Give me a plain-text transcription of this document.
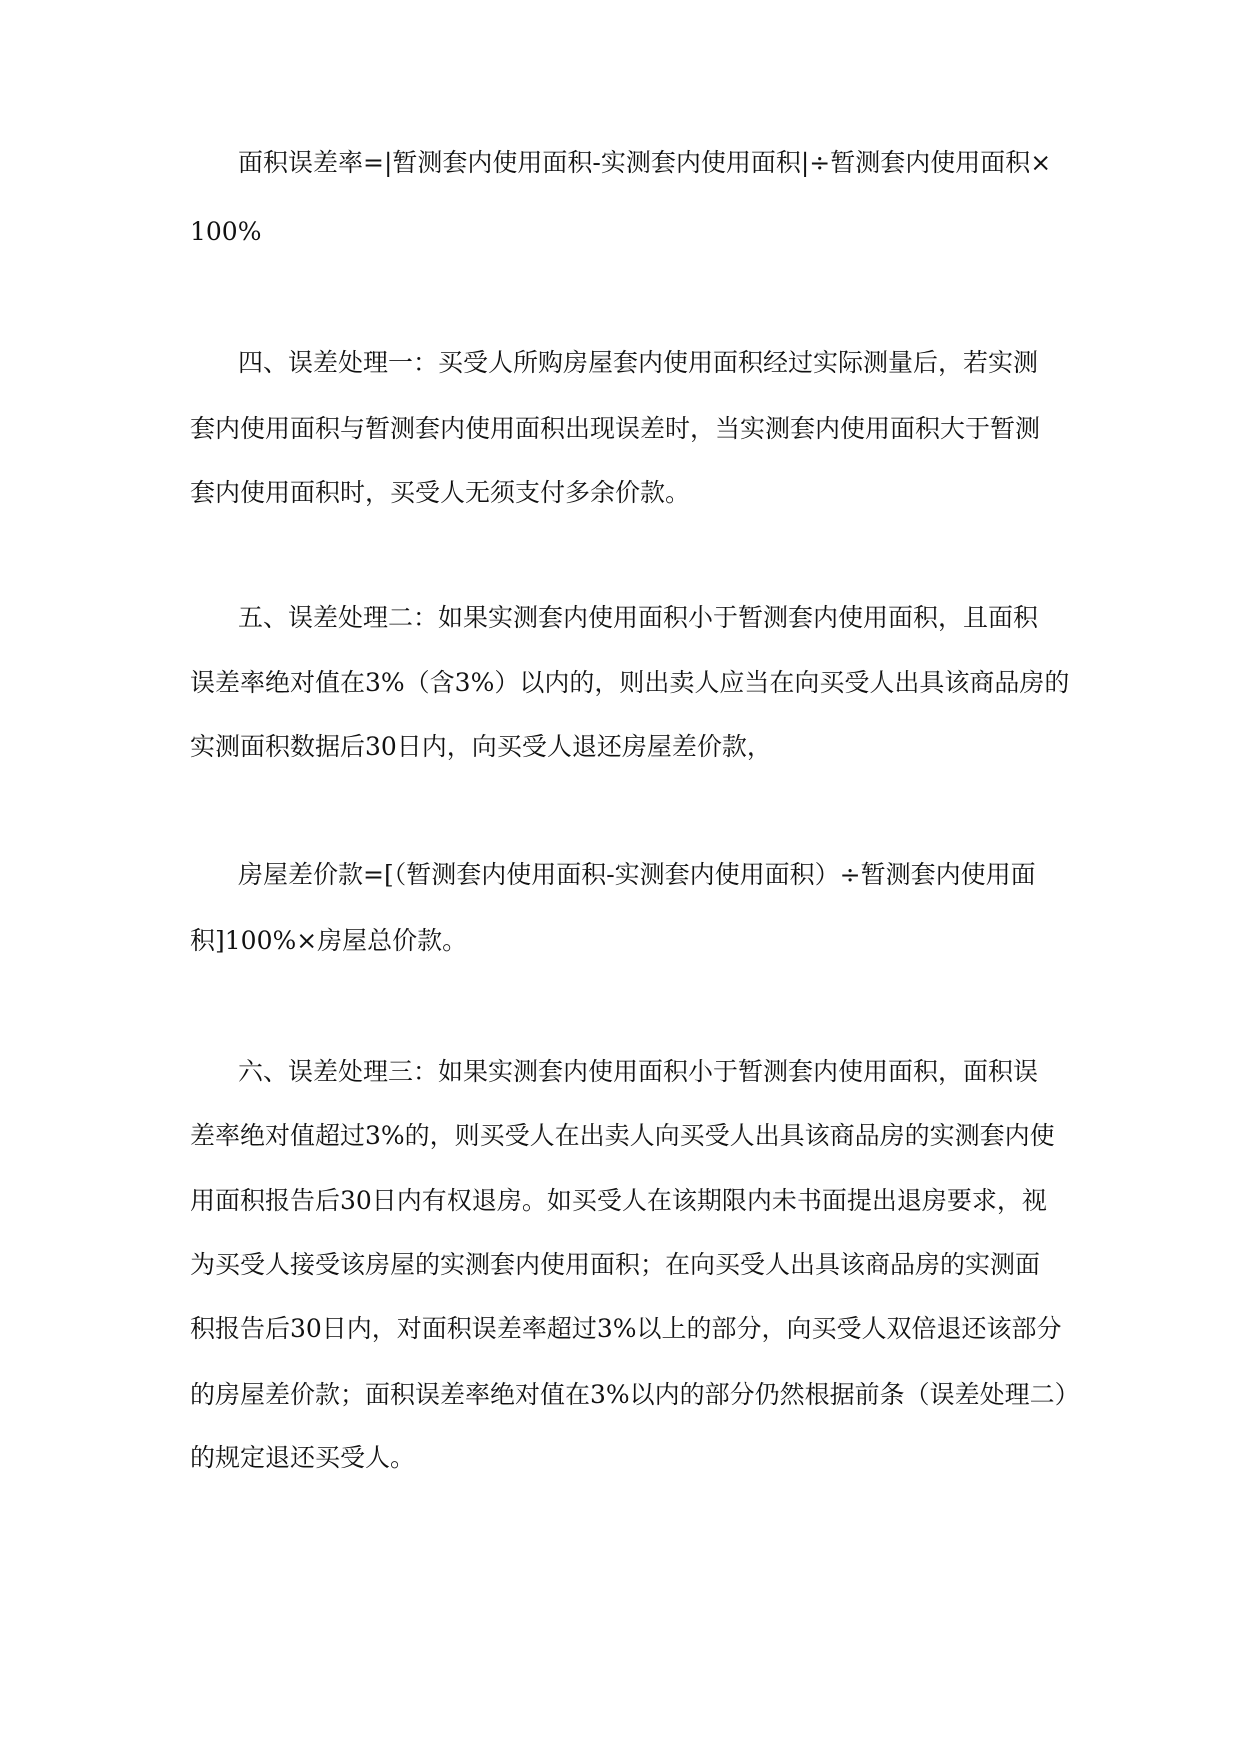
面积误差率=|暂测套内使用面积-实测套内使用面积|÷暂测套内使用面积×
100%
四、误差处理一：买受人所购房屋套内使用面积经过实际测量后，若实测
套内使用面积与暂测套内使用面积出现误差时，当实测套内使用面积大于暂测
套内使用面积时，买受人无须支付多余价款。
五、误差处理二：如果实测套内使用面积小于暂测套内使用面积，且面积
误差率绝对值在3%（含3%）以内的，则出卖人应当在向买受人出具该商品房的
实测面积数据后30日内，向买受人退还房屋差价款，
房屋差价款=[（暂测套内使用面积-实测套内使用面积）÷暂测套内使用面
积]100%×房屋总价款。
六、误差处理三：如果实测套内使用面积小于暂测套内使用面积，面积误
差率绝对值超过3%的，则买受人在出卖人向买受人出具该商品房的实测套内使
用面积报告后30日内有权退房。如买受人在该期限内未书面提出退房要求，视
为买受人接受该房屋的实测套内使用面积；在向买受人出具该商品房的实测面
积报告后30日内，对面积误差率超过3%以上的部分，向买受人双倍退还该部分
的房屋差价款；面积误差率绝对值在3%以内的部分仍然根据前条（误差处理二）
的规定退还买受人。
